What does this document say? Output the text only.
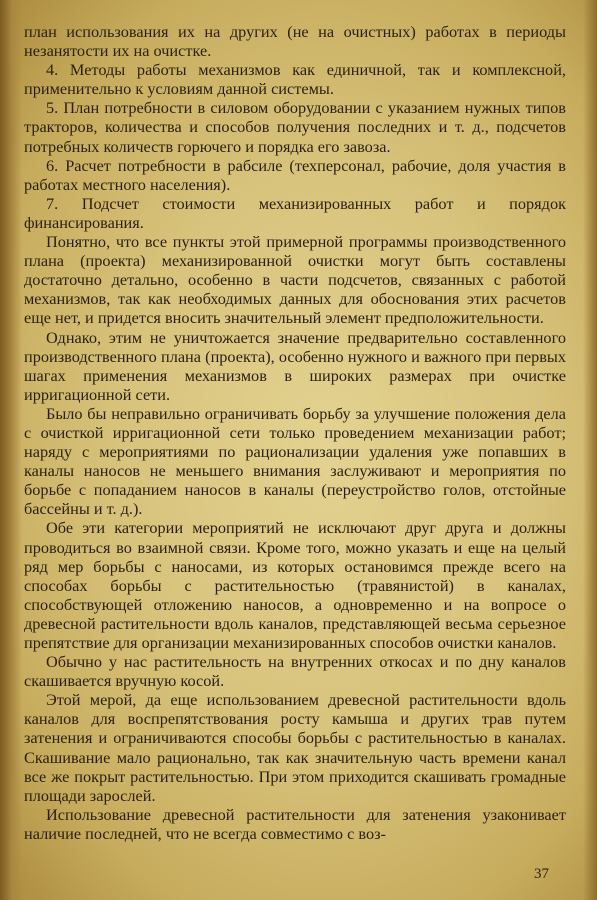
план использования их на других (не на очистных) работах в периоды незанятости их на очистке.

4. Методы работы механизмов как единичной, так и комплексной, применительно к условиям данной системы.

5. План потребности в силовом оборудовании с указанием нужных типов тракторов, количества и способов получения последних и т. д., подсчетов потребных количеств горючего и порядка его завоза.

6. Расчет потребности в рабсиле (техперсонал, рабочие, доля участия в работах местного населения).

7. Подсчет стоимости механизированных работ и порядок финансирования.

Понятно, что все пункты этой примерной программы производственного плана (проекта) механизированной очистки могут быть составлены достаточно детально, особенно в части подсчетов, связанных с работой механизмов, так как необходимых данных для обоснования этих расчетов еще нет, и придется вносить значительный элемент предположительности.

Однако, этим не уничтожается значение предварительно составленного производственного плана (проекта), особенно нужного и важного при первых шагах применения механизмов в широких размерах при очистке ирригационной сети.

Было бы неправильно ограничивать борьбу за улучшение положения дела с очисткой ирригационной сети только проведением механизации работ; наряду с мероприятиями по рационализации удаления уже попавших в каналы наносов не меньшего внимания заслуживают и мероприятия по борьбе с попаданием наносов в каналы (переустройство голов, отстойные бассейны и т. д.).

Обе эти категории мероприятий не исключают друг друга и должны проводиться во взаимной связи. Кроме того, можно указать и еще на целый ряд мер борьбы с наносами, из которых остановимся прежде всего на способах борьбы с растительностью (травянистой) в каналах, способствующей отложению наносов, а одновременно и на вопросе о древесной растительности вдоль каналов, представляющей весьма серьезное препятствие для организации механизированных способов очистки каналов.

Обычно у нас растительность на внутренних откосах и по дну каналов скашивается вручную косой.

Этой мерой, да еще использованием древесной растительности вдоль каналов для воспрепятствования росту камыша и других трав путем затенения и ограничиваются способы борьбы с растительностью в каналах. Скашивание мало рационально, так как значительную часть времени канал все же покрыт растительностью. При этом приходится скашивать громадные площади зарослей.

Использование древесной растительности для затенения узаконивает наличие последней, что не всегда совместимо с воз-

37
